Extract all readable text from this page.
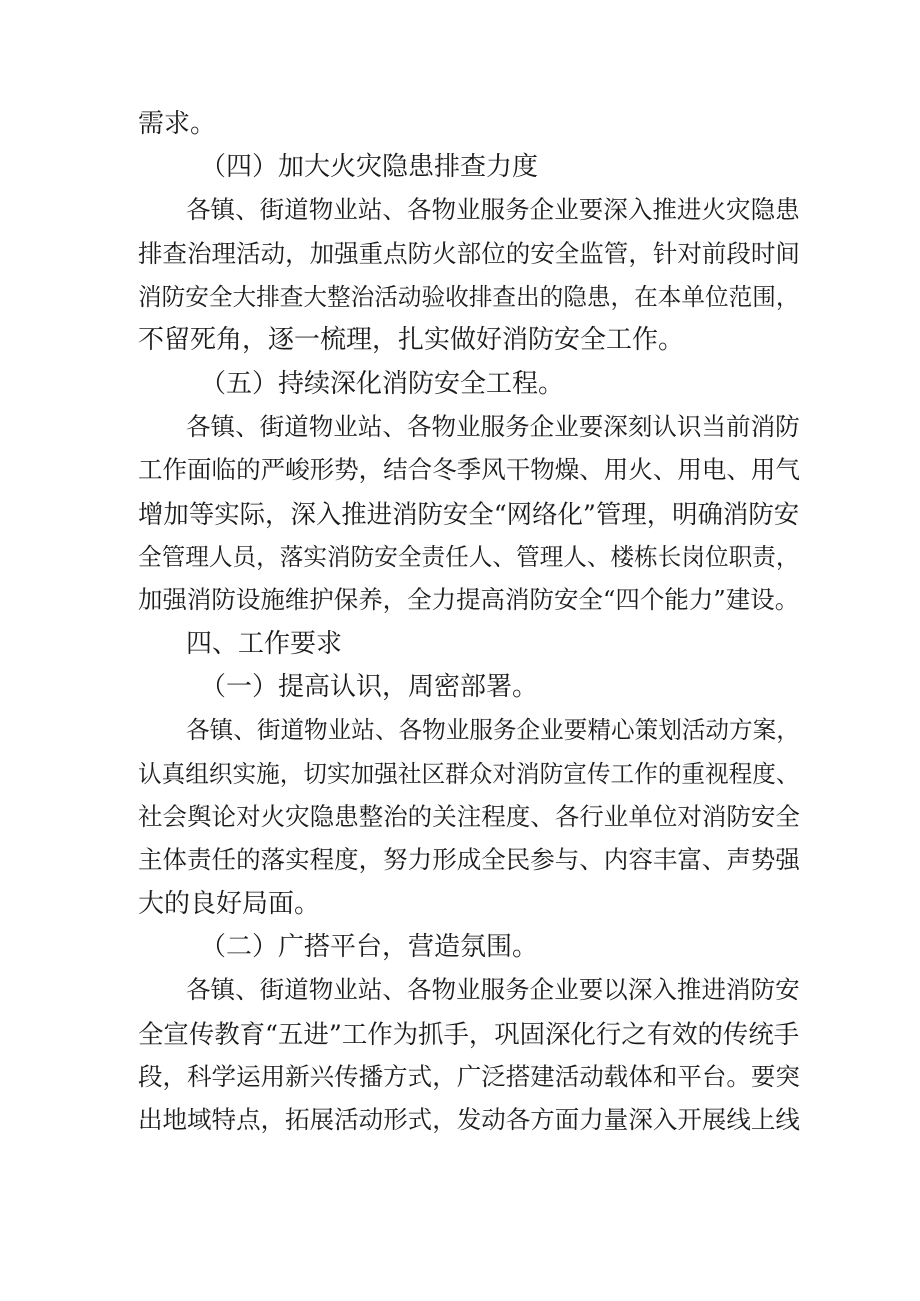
需求。

（四）加大火灾隐患排查力度

各镇、街道物业站、各物业服务企业要深入推进火灾隐患

排查治理活动，加强重点防火部位的安全监管，针对前段时间

消防安全大排查大整治活动验收排查出的隐患，在本单位范围，

不留死角，逐一梳理，扎实做好消防安全工作。

（五）持续深化消防安全工程。

各镇、街道物业站、各物业服务企业要深刻认识当前消防

工作面临的严峻形势，结合冬季风干物燥、用火、用电、用气

增加等实际，深入推进消防安全“网络化”管理，明确消防安

全管理人员，落实消防安全责任人、管理人、楼栋长岗位职责，

加强消防设施维护保养，全力提高消防安全“四个能力”建设。

四、工作要求

（一）提高认识，周密部署。

各镇、街道物业站、各物业服务企业要精心策划活动方案，

认真组织实施，切实加强社区群众对消防宣传工作的重视程度、

社会舆论对火灾隐患整治的关注程度、各行业单位对消防安全

主体责任的落实程度，努力形成全民参与、内容丰富、声势强

大的良好局面。

（二）广搭平台，营造氛围。

各镇、街道物业站、各物业服务企业要以深入推进消防安

全宣传教育“五进”工作为抓手，巩固深化行之有效的传统手

段，科学运用新兴传播方式，广泛搭建活动载体和平台。要突

出地域特点，拓展活动形式，发动各方面力量深入开展线上线
